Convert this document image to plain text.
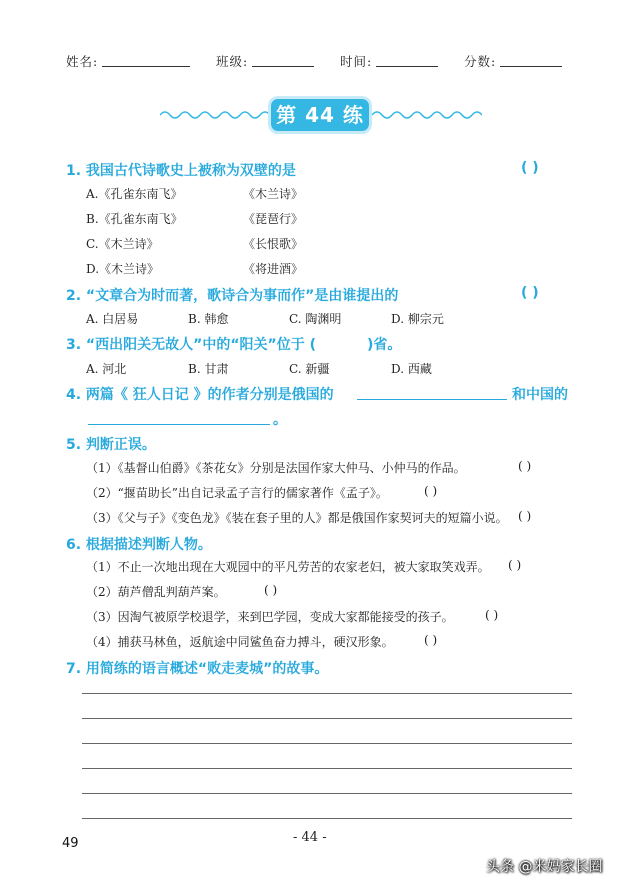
姓名:	班级:	时间:	分数:
第 44 练
1. 我国古代诗歌史上被称为双壁的是	( )
A.《孔雀东南飞》	《木兰诗》
B.《孔雀东南飞》	《琵琶行》
C.《木兰诗》	《长恨歌》
D.《木兰诗》	《将进酒》
2. “文章合为时而著，歌诗合为事而作”是由谁提出的	( )
A. 白居易	B. 韩愈	C. 陶渊明	D. 柳宗元
3. “西出阳关无故人”中的“阳关”位于 (	)省。
A. 河北	B. 甘肃	C. 新疆	D. 西藏
4. 两篇《 狂人日记 》的作者分别是俄国的	和中国的
。
5. 判断正误。
（1）《基督山伯爵》《茶花女》分别是法国作家大仲马、小仲马的作品。	( )
（2）“揠苗助长”出自记录孟子言行的儒家著作《孟子》。	( )
（3）《父与子》《变色龙》《装在套子里的人》都是俄国作家契诃夫的短篇小说。 ( )
6. 根据描述判断人物。
（1）不止一次地出现在大观园中的平凡劳苦的农家老妇，被大家取笑戏弄。 ( )
（2）葫芦僧乱判葫芦案。	( )
（3）因淘气被原学校退学，来到巴学园，变成大家都能接受的孩子。	( )
（4）捕获马林鱼，返航途中同鲨鱼奋力搏斗，硬汉形象。	( )
7. 用简练的语言概述“败走麦城”的故事。
- 44 -
49
头条 @米妈家长圈
